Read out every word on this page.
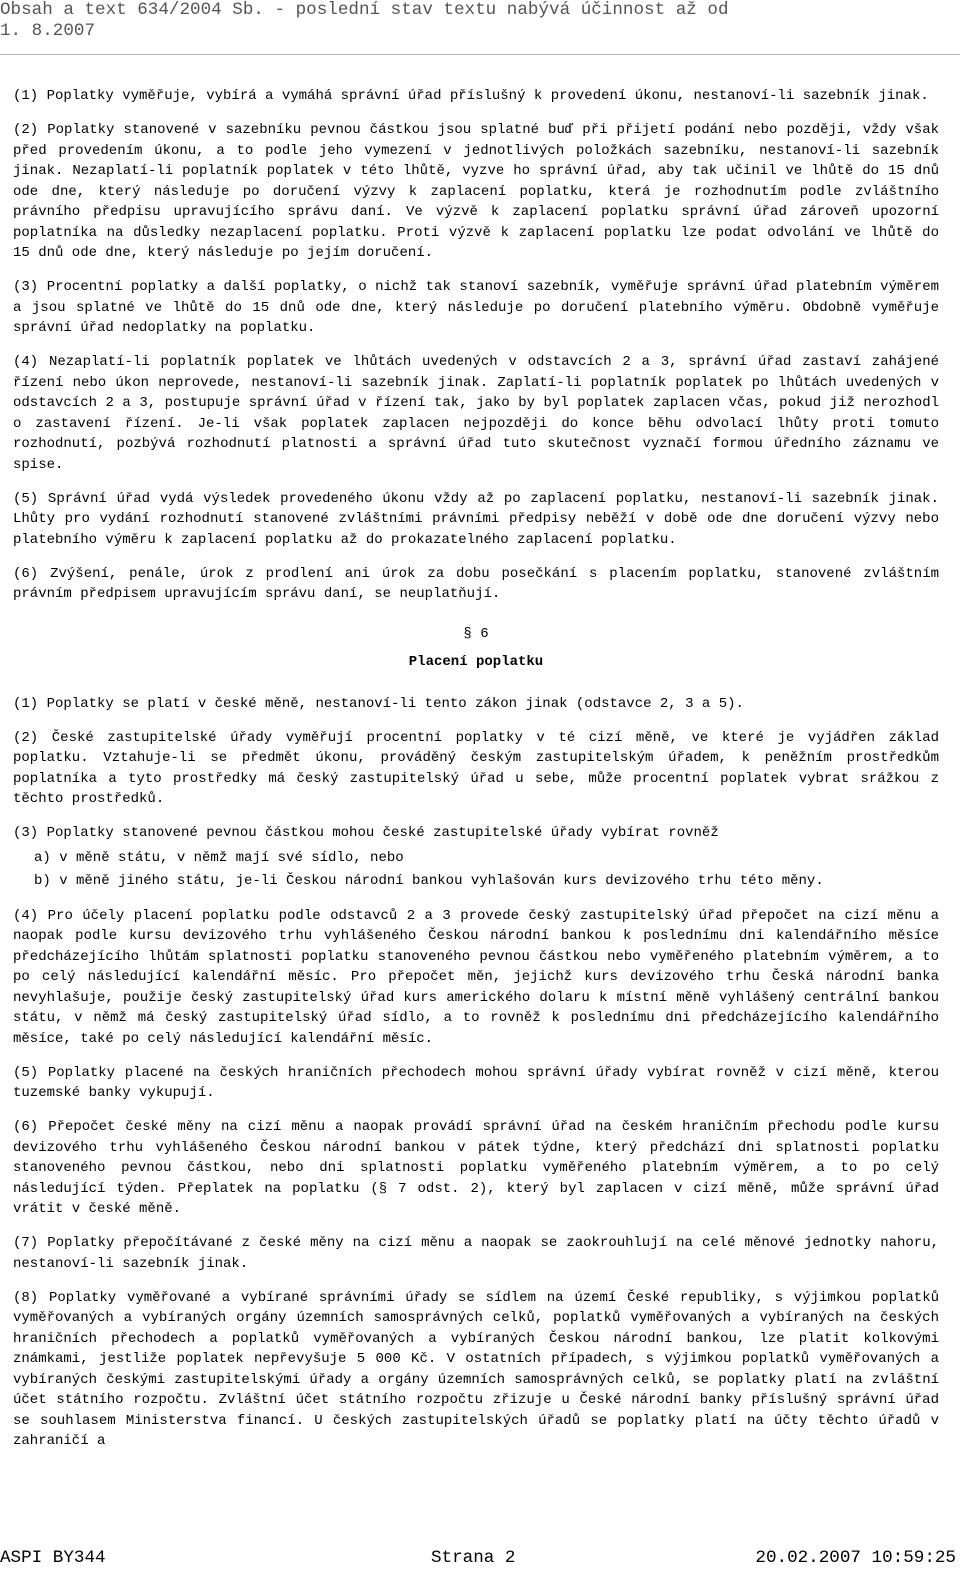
Obsah a text 634/2004 Sb. - poslední stav textu nabývá účinnost až od

1. 8.2007

(1) Poplatky vyměřuje, vybírá a vymáhá správní úřad příslušný k provedení úkonu, nestanoví-li sazebník jinak.

(2) Poplatky stanovené v sazebníku pevnou částkou jsou splatné buď při přijetí podání nebo později, vždy však před provedením úkonu, a to podle jeho vymezení v jednotlivých položkách sazebníku, nestanoví-li sazebník jinak. Nezaplatí-li poplatník poplatek v této lhůtě, vyzve ho správní úřad, aby tak učinil ve lhůtě do 15 dnů ode dne, který následuje po doručení výzvy k zaplacení poplatku, která je rozhodnutím podle zvláštního právního předpisu upravujícího správu daní. Ve výzvě k zaplacení poplatku správní úřad zároveň upozorní poplatníka na důsledky nezaplacení poplatku. Proti výzvě k zaplacení poplatku lze podat odvolání ve lhůtě do 15 dnů ode dne, který následuje po jejím doručení.

(3) Procentní poplatky a další poplatky, o nichž tak stanoví sazebník, vyměřuje správní úřad platebním výměrem a jsou splatné ve lhůtě do 15 dnů ode dne, který následuje po doručení platebního výměru. Obdobně vyměřuje správní úřad nedoplatky na poplatku.

(4) Nezaplatí-li poplatník poplatek ve lhůtách uvedených v odstavcích 2 a 3, správní úřad zastaví zahájené řízení nebo úkon neprovede, nestanoví-li sazebník jinak. Zaplatí-li poplatník poplatek po lhůtách uvedených v odstavcích 2 a 3, postupuje správní úřad v řízení tak, jako by byl poplatek zaplacen včas, pokud již nerozhodl o zastavení řízení. Je-li však poplatek zaplacen nejpozději do konce běhu odvolací lhůty proti tomuto rozhodnutí, pozbývá rozhodnutí platnosti a správní úřad tuto skutečnost vyznačí formou úředního záznamu ve spise.

(5) Správní úřad vydá výsledek provedeného úkonu vždy až po zaplacení poplatku, nestanoví-li sazebník jinak. Lhůty pro vydání rozhodnutí stanovené zvláštními právními předpisy neběží v době ode dne doručení výzvy nebo platebního výměru k zaplacení poplatku až do prokazatelného zaplacení poplatku.

(6) Zvýšení, penále, úrok z prodlení ani úrok za dobu posečkání s placením poplatku, stanovené zvláštním právním předpisem upravujícím správu daní, se neuplatňují.

§ 6
Placení poplatku

(1) Poplatky se platí v české měně, nestanoví-li tento zákon jinak (odstavce 2, 3 a 5).

(2) České zastupitelské úřady vyměřují procentní poplatky v té cizí měně, ve které je vyjádřen základ poplatku. Vztahuje-li se předmět úkonu, prováděný českým zastupitelským úřadem, k peněžním prostředkům poplatníka a tyto prostředky má český zastupitelský úřad u sebe, může procentní poplatek vybrat srážkou z těchto prostředků.

(3) Poplatky stanovené pevnou částkou mohou české zastupitelské úřady vybírat rovněž

a) v měně státu, v němž mají své sídlo, nebo

b) v měně jiného státu, je-li Českou národní bankou vyhlašován kurs devizového trhu této měny.

(4) Pro účely placení poplatku podle odstavců 2 a 3 provede český zastupitelský úřad přepočet na cizí měnu a naopak podle kursu devizového trhu vyhlášeného Českou národní bankou k poslednímu dni kalendářního měsíce předcházejícího lhůtám splatnosti poplatku stanoveného pevnou částkou nebo vyměřeného platebním výměrem, a to po celý následující kalendářní měsíc. Pro přepočet měn, jejichž kurs devizového trhu Česká národní banka nevyhlašuje, použije český zastupitelský úřad kurs amerického dolaru k místní měně vyhlášený centrální bankou státu, v němž má český zastupitelský úřad sídlo, a to rovněž k poslednímu dni předcházejícího kalendářního měsíce, také po celý následující kalendářní měsíc.

(5) Poplatky placené na českých hraničních přechodech mohou správní úřady vybírat rovněž v cizí měně, kterou tuzemské banky vykupují.

(6) Přepočet české měny na cizí měnu a naopak provádí správní úřad na českém hraničním přechodu podle kursu devizového trhu vyhlášeného Českou národní bankou v pátek týdne, který předchází dni splatnosti poplatku stanoveného pevnou částkou, nebo dni splatnosti poplatku vyměřeného platebním výměrem, a to po celý následující týden. Přeplatek na poplatku (§ 7 odst. 2), který byl zaplacen v cizí měně, může správní úřad vrátit v české měně.

(7) Poplatky přepočítávané z české měny na cizí měnu a naopak se zaokrouhlují na celé měnové jednotky nahoru, nestanoví-li sazebník jinak.

(8) Poplatky vyměřované a vybírané správními úřady se sídlem na území České republiky, s výjimkou poplatků vyměřovaných a vybíraných orgány územních samosprávných celků, poplatků vyměřovaných a vybíraných na českých hraničních přechodech a poplatků vyměřovaných a vybíraných Českou národní bankou, lze platit kolkovými známkami, jestliže poplatek nepřevyšuje 5 000 Kč. V ostatních případech, s výjimkou poplatků vyměřovaných a vybíraných českými zastupitelskými úřady a orgány územních samosprávných celků, se poplatky platí na zvláštní účet státního rozpočtu. Zvláštní účet státního rozpočtu zřizuje u České národní banky příslušný správní úřad se souhlasem Ministerstva financí. U českých zastupitelských úřadů se poplatky platí na účty těchto úřadů v zahraničí a

ASPI BY344	Strana 2	20.02.2007 10:59:25
